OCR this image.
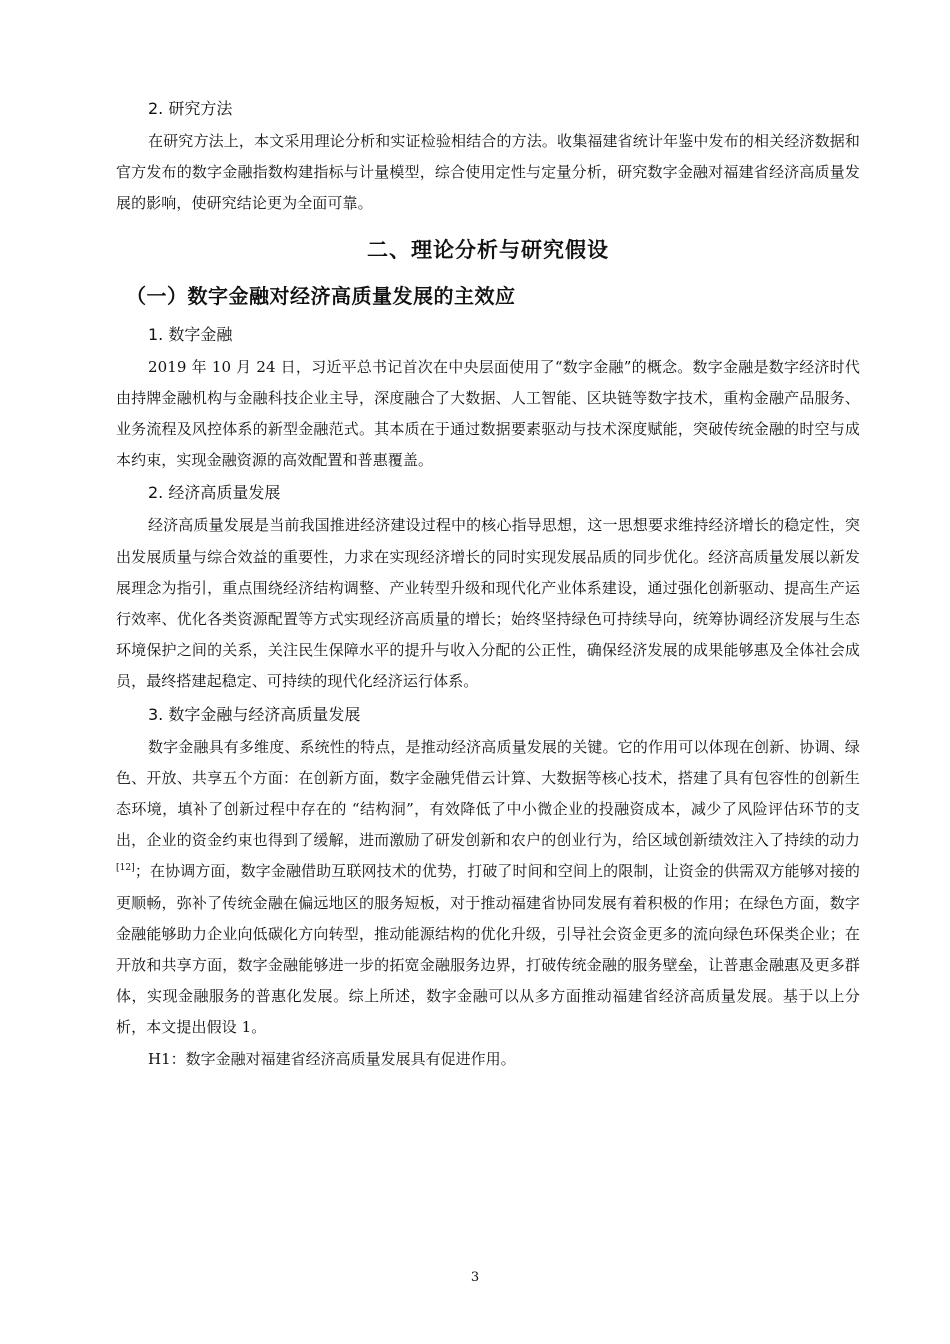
2. 研究方法

在研究方法上，本文采用理论分析和实证检验相结合的方法。收集福建省统计年鉴中发布的相关经济数据和官方发布的数字金融指数构建指标与计量模型，综合使用定性与定量分析，研究数字金融对福建省经济高质量发展的影响，使研究结论更为全面可靠。

二、理论分析与研究假设
（一）数字金融对经济高质量发展的主效应
1. 数字金融

2019 年 10 月 24 日，习近平总书记首次在中央层面使用了“数字金融”的概念。数字金融是数字经济时代由持牌金融机构与金融科技企业主导，深度融合了大数据、人工智能、区块链等数字技术，重构金融产品服务、业务流程及风控体系的新型金融范式。其本质在于通过数据要素驱动与技术深度赋能，突破传统金融的时空与成本约束，实现金融资源的高效配置和普惠覆盖。

2. 经济高质量发展

经济高质量发展是当前我国推进经济建设过程中的核心指导思想，这一思想要求维持经济增长的稳定性，突出发展质量与综合效益的重要性，力求在实现经济增长的同时实现发展品质的同步优化。经济高质量发展以新发展理念为指引，重点围绕经济结构调整、产业转型升级和现代化产业体系建设，通过强化创新驱动、提高生产运行效率、优化各类资源配置等方式实现经济高质量的增长；始终坚持绿色可持续导向，统筹协调经济发展与生态环境保护之间的关系，关注民生保障水平的提升与收入分配的公正性，确保经济发展的成果能够惠及全体社会成员，最终搭建起稳定、可持续的现代化经济运行体系。

3. 数字金融与经济高质量发展

数字金融具有多维度、系统性的特点，是推动经济高质量发展的关键。它的作用可以体现在创新、协调、绿色、开放、共享五个方面：在创新方面，数字金融凭借云计算、大数据等核心技术，搭建了具有包容性的创新生态环境，填补了创新过程中存在的 “结构洞”，有效降低了中小微企业的投融资成本，减少了风险评估环节的支出，企业的资金约束也得到了缓解，进而激励了研发创新和农户的创业行为，给区域创新绩效注入了持续的动力[12]；在协调方面，数字金融借助互联网技术的优势，打破了时间和空间上的限制，让资金的供需双方能够对接的更顺畅，弥补了传统金融在偏远地区的服务短板，对于推动福建省协同发展有着积极的作用；在绿色方面，数字金融能够助力企业向低碳化方向转型，推动能源结构的优化升级，引导社会资金更多的流向绿色环保类企业；在开放和共享方面，数字金融能够进一步的拓宽金融服务边界，打破传统金融的服务壁垒，让普惠金融惠及更多群体，实现金融服务的普惠化发展。综上所述，数字金融可以从多方面推动福建省经济高质量发展。基于以上分析，本文提出假设 1。

H1：数字金融对福建省经济高质量发展具有促进作用。

3
